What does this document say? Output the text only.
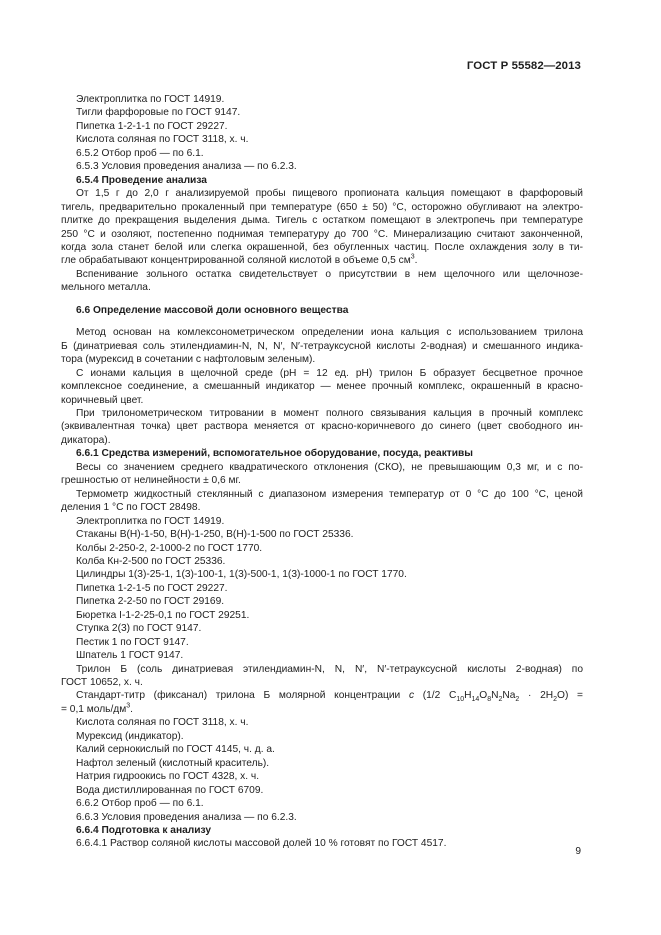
ГОСТ Р 55582—2013

Электроплитка по ГОСТ 14919.

Тигли фарфоровые по ГОСТ 9147.

Пипетка 1-2-1-1 по ГОСТ 29227.

Кислота соляная по ГОСТ 3118, х. ч.

6.5.2 Отбор проб — по 6.1.

6.5.3 Условия проведения анализа — по 6.2.3.

6.5.4 Проведение анализа

От 1,5 г до 2,0 г анализируемой пробы пищевого пропионата кальция помещают в фарфоровый

тигель, предварительно прокаленный при температуре (650 ± 50) °С, осторожно обугливают на электро-

плитке до прекращения выделения дыма. Тигель с остатком помещают в электропечь при температуре

250 °С и озоляют, постепенно поднимая температуру до 700 °С. Минерализацию считают законченной,

когда зола станет белой или слегка окрашенной, без обугленных частиц. После охлаждения золу в ти-

гле обрабатывают концентрированной соляной кислотой в объеме 0,5 $см^3$.

Вспенивание зольного остатка свидетельствует о присутствии в нем щелочного или щелочнозе-

мельного металла.

6.6 Определение массовой доли основного вещества

Метод основан на комлексонометрическом определении иона кальция с использованием трилона

Б (динатриевая соль этилендиамин-N, N, N′, N′-тетрауксусной кислоты 2-водная) и смешанного индика-

тора (мурексид в сочетании с нафтоловым зеленым).

С ионами кальция в щелочной среде (pH = 12 ед. pH) трилон Б образует бесцветное прочное

комплексное соединение, а смешанный индикатор — менее прочный комплекс, окрашенный в красно-

коричневый цвет.

При трилонометрическом титровании в момент полного связывания кальция в прочный комплекс

(эквивалентная точка) цвет раствора меняется от красно-коричневого до синего (цвет свободного ин-

дикатора).

6.6.1 Средства измерений, вспомогательное оборудование, посуда, реактивы

Весы со значением среднего квадратического отклонения (СКО), не превышающим 0,3 мг, и с по-

грешностью от нелинейности ± 0,6 мг.

Термометр жидкостный стеклянный с диапазоном измерения температур от 0 °С до 100 °С, ценой

деления 1 °С по ГОСТ 28498.

Электроплитка по ГОСТ 14919.

Стаканы В(Н)-1-50, В(Н)-1-250, В(Н)-1-500 по ГОСТ 25336.

Колбы 2-250-2, 2-1000-2 по ГОСТ 1770.

Колба Кн-2-500 по ГОСТ 25336.

Цилиндры 1(3)-25-1, 1(3)-100-1, 1(3)-500-1, 1(3)-1000-1 по ГОСТ 1770.

Пипетка 1-2-1-5 по ГОСТ 29227.

Пипетка 2-2-50 по ГОСТ 29169.

Бюретка I-1-2-25-0,1 по ГОСТ 29251.

Ступка 2(3) по ГОСТ 9147.

Пестик 1 по ГОСТ 9147.

Шпатель 1 ГОСТ 9147.

Трилон Б (соль динатриевая этилендиамин-N, N, N′, N′-тетрауксусной кислоты 2-водная) по

ГОСТ 10652, х. ч.

Стандарт-титр (фиксанал) трилона Б молярной концентрации c (1/2 $C_{10}H_{14}O_8N_2Na_2 \cdot 2H_2O$) =

= 0,1 моль/$дм^3$.

Кислота соляная по ГОСТ 3118, х. ч.

Мурексид (индикатор).

Калий сернокислый по ГОСТ 4145, ч. д. а.

Нафтол зеленый (кислотный краситель).

Натрия гидроокись по ГОСТ 4328, х. ч.

Вода дистиллированная по ГОСТ 6709.

6.6.2 Отбор проб — по 6.1.

6.6.3 Условия проведения анализа — по 6.2.3.

6.6.4 Подготовка к анализу

6.6.4.1 Раствор соляной кислоты массовой долей 10 % готовят по ГОСТ 4517.

9
